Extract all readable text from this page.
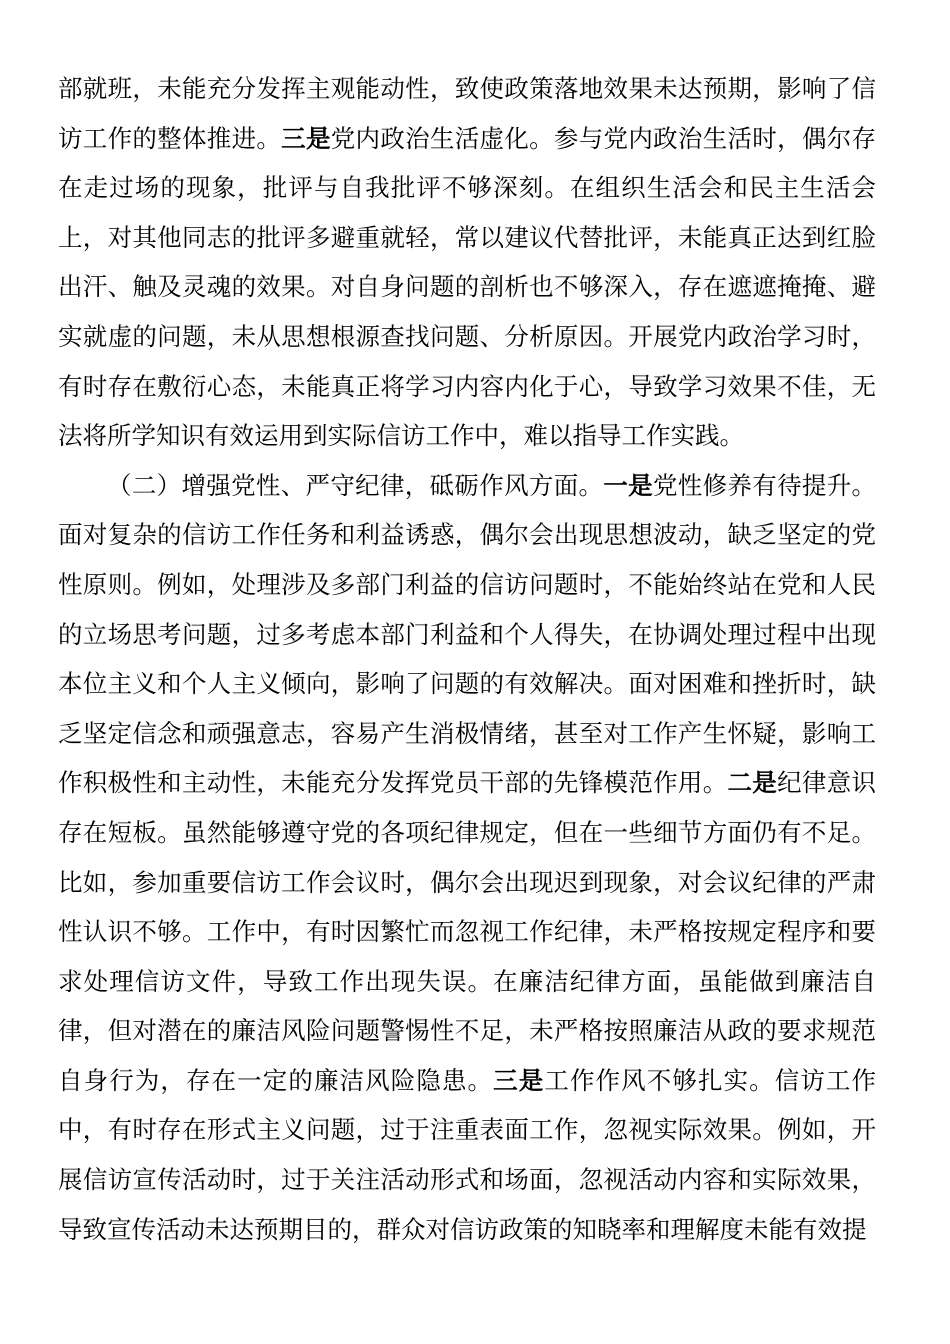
部就班，未能充分发挥主观能动性，致使政策落地效果未达预期，影响了信访工作的整体推进。三是党内政治生活虚化。参与党内政治生活时，偶尔存在走过场的现象，批评与自我批评不够深刻。在组织生活会和民主生活会上，对其他同志的批评多避重就轻，常以建议代替批评，未能真正达到红脸出汗、触及灵魂的效果。对自身问题的剖析也不够深入，存在遮遮掩掩、避实就虚的问题，未从思想根源查找问题、分析原因。开展党内政治学习时，有时存在敷衍心态，未能真正将学习内容内化于心，导致学习效果不佳，无法将所学知识有效运用到实际信访工作中，难以指导工作实践。

（二）增强党性、严守纪律，砥砺作风方面。一是党性修养有待提升。面对复杂的信访工作任务和利益诱惑，偶尔会出现思想波动，缺乏坚定的党性原则。例如，处理涉及多部门利益的信访问题时，不能始终站在党和人民的立场思考问题，过多考虑本部门利益和个人得失，在协调处理过程中出现本位主义和个人主义倾向，影响了问题的有效解决。面对困难和挫折时，缺乏坚定信念和顽强意志，容易产生消极情绪，甚至对工作产生怀疑，影响工作积极性和主动性，未能充分发挥党员干部的先锋模范作用。二是纪律意识存在短板。虽然能够遵守党的各项纪律规定，但在一些细节方面仍有不足。比如，参加重要信访工作会议时，偶尔会出现迟到现象，对会议纪律的严肃性认识不够。工作中，有时因繁忙而忽视工作纪律，未严格按规定程序和要求处理信访文件，导致工作出现失误。在廉洁纪律方面，虽能做到廉洁自律，但对潜在的廉洁风险问题警惕性不足，未严格按照廉洁从政的要求规范自身行为，存在一定的廉洁风险隐患。三是工作作风不够扎实。信访工作中，有时存在形式主义问题，过于注重表面工作，忽视实际效果。例如，开展信访宣传活动时，过于关注活动形式和场面，忽视活动内容和实际效果，导致宣传活动未达预期目的，群众对信访政策的知晓率和理解度未能有效提
